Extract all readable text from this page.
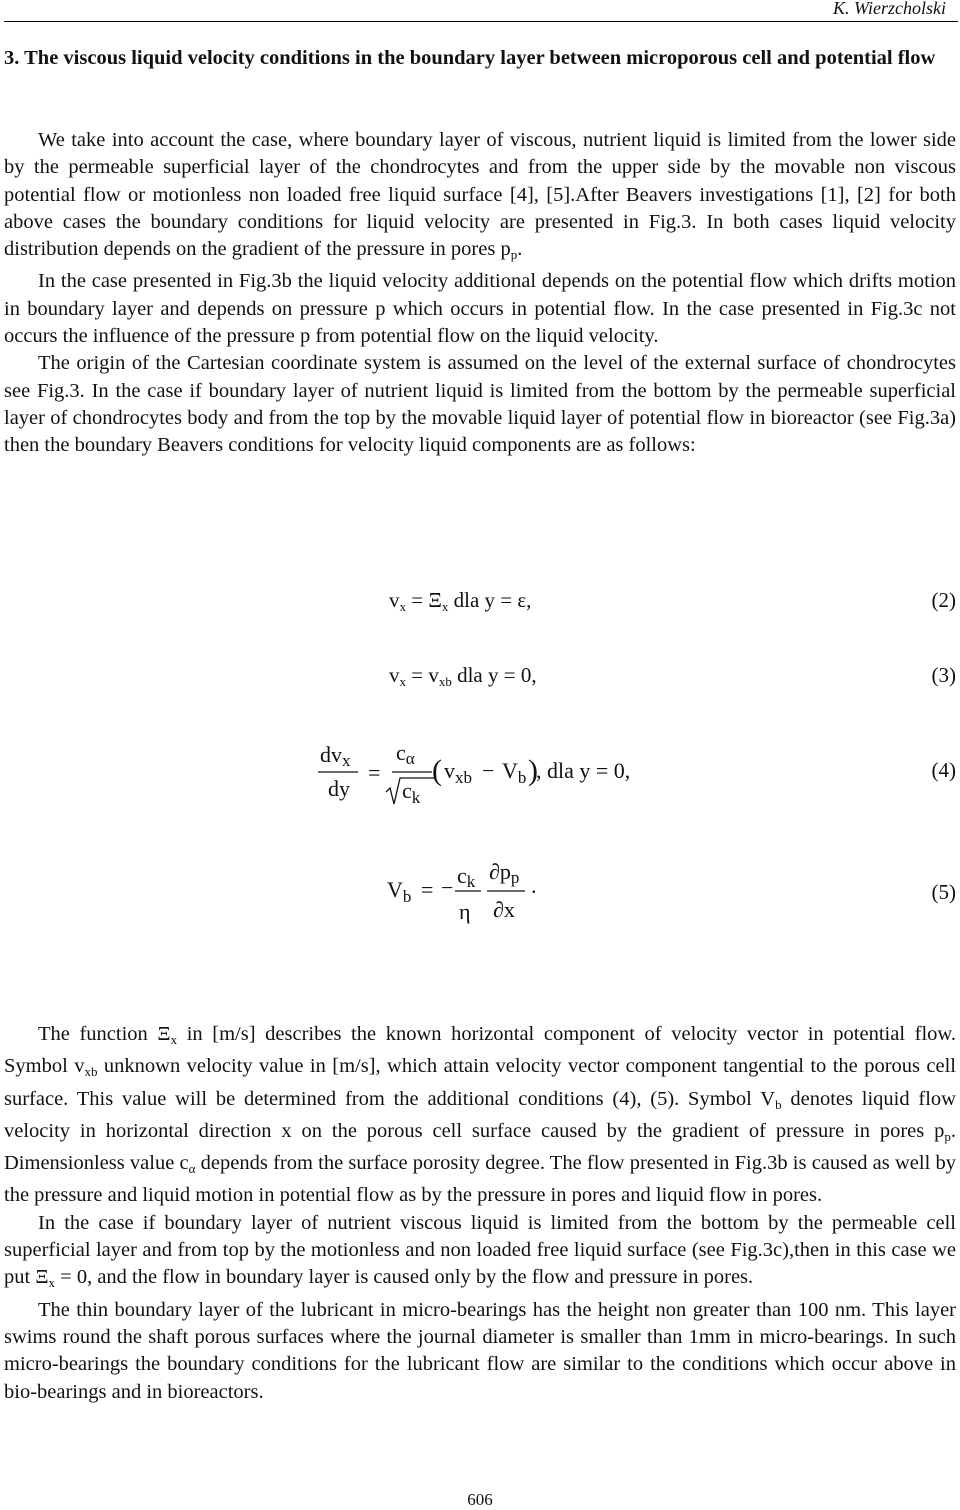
K. Wierzcholski
3. The viscous liquid velocity conditions in the boundary layer between microporous cell and potential flow

We take into account the case, where boundary layer of viscous, nutrient liquid is limited from the lower side by the permeable superficial layer of the chondrocytes and from the upper side by the movable non viscous potential flow or motionless non loaded free liquid surface [4], [5].After Beavers investigations [1], [2] for both above cases the boundary conditions for liquid velocity are presented in Fig.3. In both cases liquid velocity distribution depends on the gradient of the pressure in pores $p_p$.

In the case presented in Fig.3b the liquid velocity additional depends on the potential flow which drifts motion in boundary layer and depends on pressure p which occurs in potential flow. In the case presented in Fig.3c not occurs the influence of the pressure p from potential flow on the liquid velocity.

The origin of the Cartesian coordinate system is assumed on the level of the external surface of chondrocytes see Fig.3. In the case if boundary layer of nutrient liquid is limited from the bottom by the permeable superficial layer of chondrocytes body and from the top by the movable liquid layer of potential flow in bioreactor (see Fig.3a) then the boundary Beavers conditions for velocity liquid components are as follows:

$v_x = \Xi_x$ dla y = ε,	(2)
$v_x = v_{xb}$ dla y = 0,	(3)
dvx
dy
=
cα
$c_k$
( $v_{xb} - V_b$ )
, dla y = 0,	(4)
$V_b$ = − ck
η
∂pp
∂x
.	(5)

The function $\Xi_x$ in [m/s] describes the known horizontal component of velocity vector in potential flow. Symbol $v_{xb}$ unknown velocity value in [m/s], which attain velocity vector component tangential to the porous cell surface. This value will be determined from the additional conditions (4), (5). Symbol $V_b$ denotes liquid flow velocity in horizontal direction x on the porous cell surface caused by the gradient of pressure in pores $p_p$. Dimensionless value $c_\alpha$ depends from the surface porosity degree. The flow presented in Fig.3b is caused as well by the pressure and liquid motion in potential flow as by the pressure in pores and liquid flow in pores.

In the case if boundary layer of nutrient viscous liquid is limited from the bottom by the permeable cell superficial layer and from top by the motionless and non loaded free liquid surface (see Fig.3c),then in this case we put $\Xi_x = 0$, and the flow in boundary layer is caused only by the flow and pressure in pores.

The thin boundary layer of the lubricant in micro-bearings has the height non greater than 100 nm. This layer swims round the shaft porous surfaces where the journal diameter is smaller than 1mm in micro-bearings. In such micro-bearings the boundary conditions for the lubricant flow are similar to the conditions which occur above in bio-bearings and in bioreactors.

606
